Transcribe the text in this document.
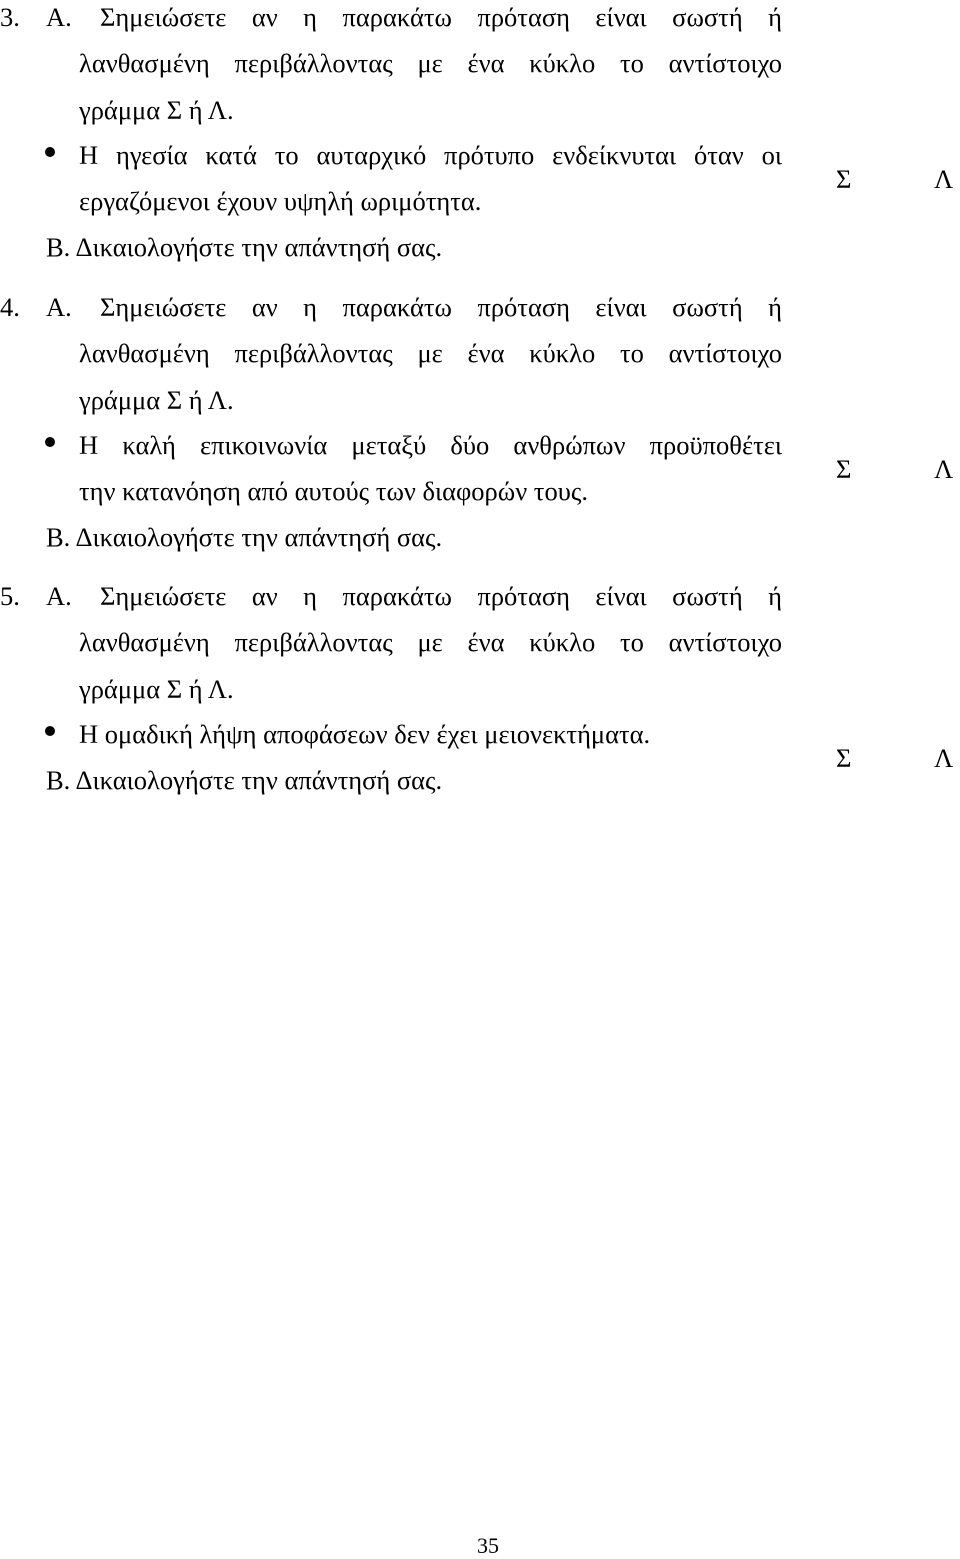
3. Α. Σημειώσετε αν η παρακάτω πρόταση είναι σωστή ή
λανθασμένη περιβάλλοντας με ένα κύκλο το αντίστοιχο
γράμμα Σ ή Λ.
Η ηγεσία κατά το αυταρχικό πρότυπο ενδείκνυται όταν οι
εργαζόμενοι έχουν υψηλή ωριμότητα.
Β. Δικαιολογήστε την απάντησή σας.
Σ	Λ
4. Α. Σημειώσετε αν η παρακάτω πρόταση είναι σωστή ή
λανθασμένη περιβάλλοντας με ένα κύκλο το αντίστοιχο
γράμμα Σ ή Λ.
Η καλή επικοινωνία μεταξύ δύο ανθρώπων προϋποθέτει
την κατανόηση από αυτούς των διαφορών τους.
Β. Δικαιολογήστε την απάντησή σας.
Σ	Λ
5. Α. Σημειώσετε αν η παρακάτω πρόταση είναι σωστή ή
λανθασμένη περιβάλλοντας με ένα κύκλο το αντίστοιχο
γράμμα Σ ή Λ.
Η ομαδική λήψη αποφάσεων δεν έχει μειονεκτήματα.
Β. Δικαιολογήστε την απάντησή σας.
Σ	Λ
35
